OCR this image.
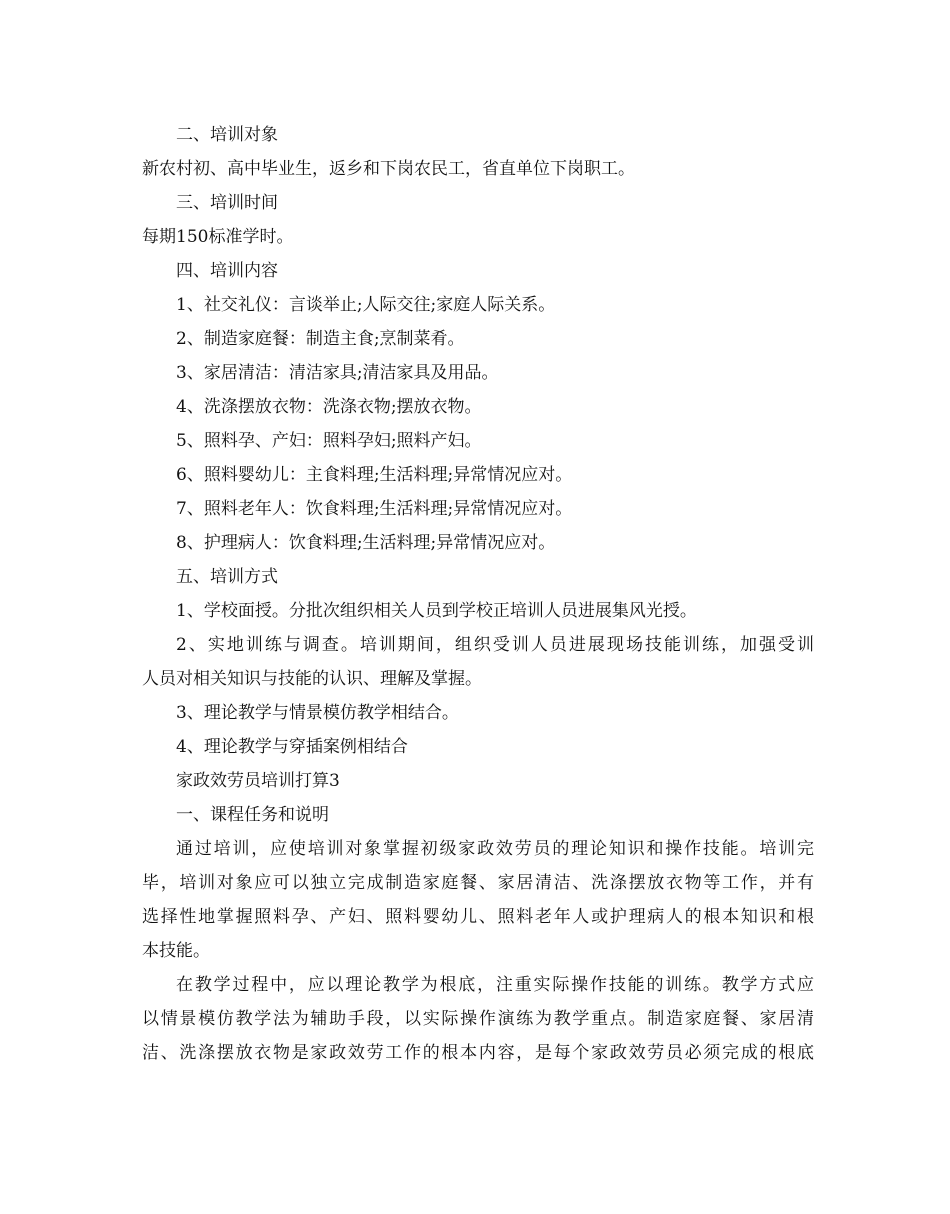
二、培训对象
新农村初、高中毕业生，返乡和下岗农民工，省直单位下岗职工。
三、培训时间
每期150标准学时。
四、培训内容
1、社交礼仪：言谈举止;人际交往;家庭人际关系。
2、制造家庭餐：制造主食;烹制菜肴。
3、家居清洁：清洁家具;清洁家具及用品。
4、洗涤摆放衣物：洗涤衣物;摆放衣物。
5、照料孕、产妇：照料孕妇;照料产妇。
6、照料婴幼儿：主食料理;生活料理;异常情况应对。
7、照料老年人：饮食料理;生活料理;异常情况应对。
8、护理病人：饮食料理;生活料理;异常情况应对。
五、培训方式
1、学校面授。分批次组织相关人员到学校正培训人员进展集风光授。
2、实地训练与调查。培训期间，组织受训人员进展现场技能训练，加强受训
人员对相关知识与技能的认识、理解及掌握。
3、理论教学与情景模仿教学相结合。
4、理论教学与穿插案例相结合
家政效劳员培训打算3
一、课程任务和说明
通过培训，应使培训对象掌握初级家政效劳员的理论知识和操作技能。培训完
毕，培训对象应可以独立完成制造家庭餐、家居清洁、洗涤摆放衣物等工作，并有
选择性地掌握照料孕、产妇、照料婴幼儿、照料老年人或护理病人的根本知识和根
本技能。
在教学过程中，应以理论教学为根底，注重实际操作技能的训练。教学方式应
以情景模仿教学法为辅助手段，以实际操作演练为教学重点。制造家庭餐、家居清
洁、洗涤摆放衣物是家政效劳工作的根本内容，是每个家政效劳员必须完成的根底
